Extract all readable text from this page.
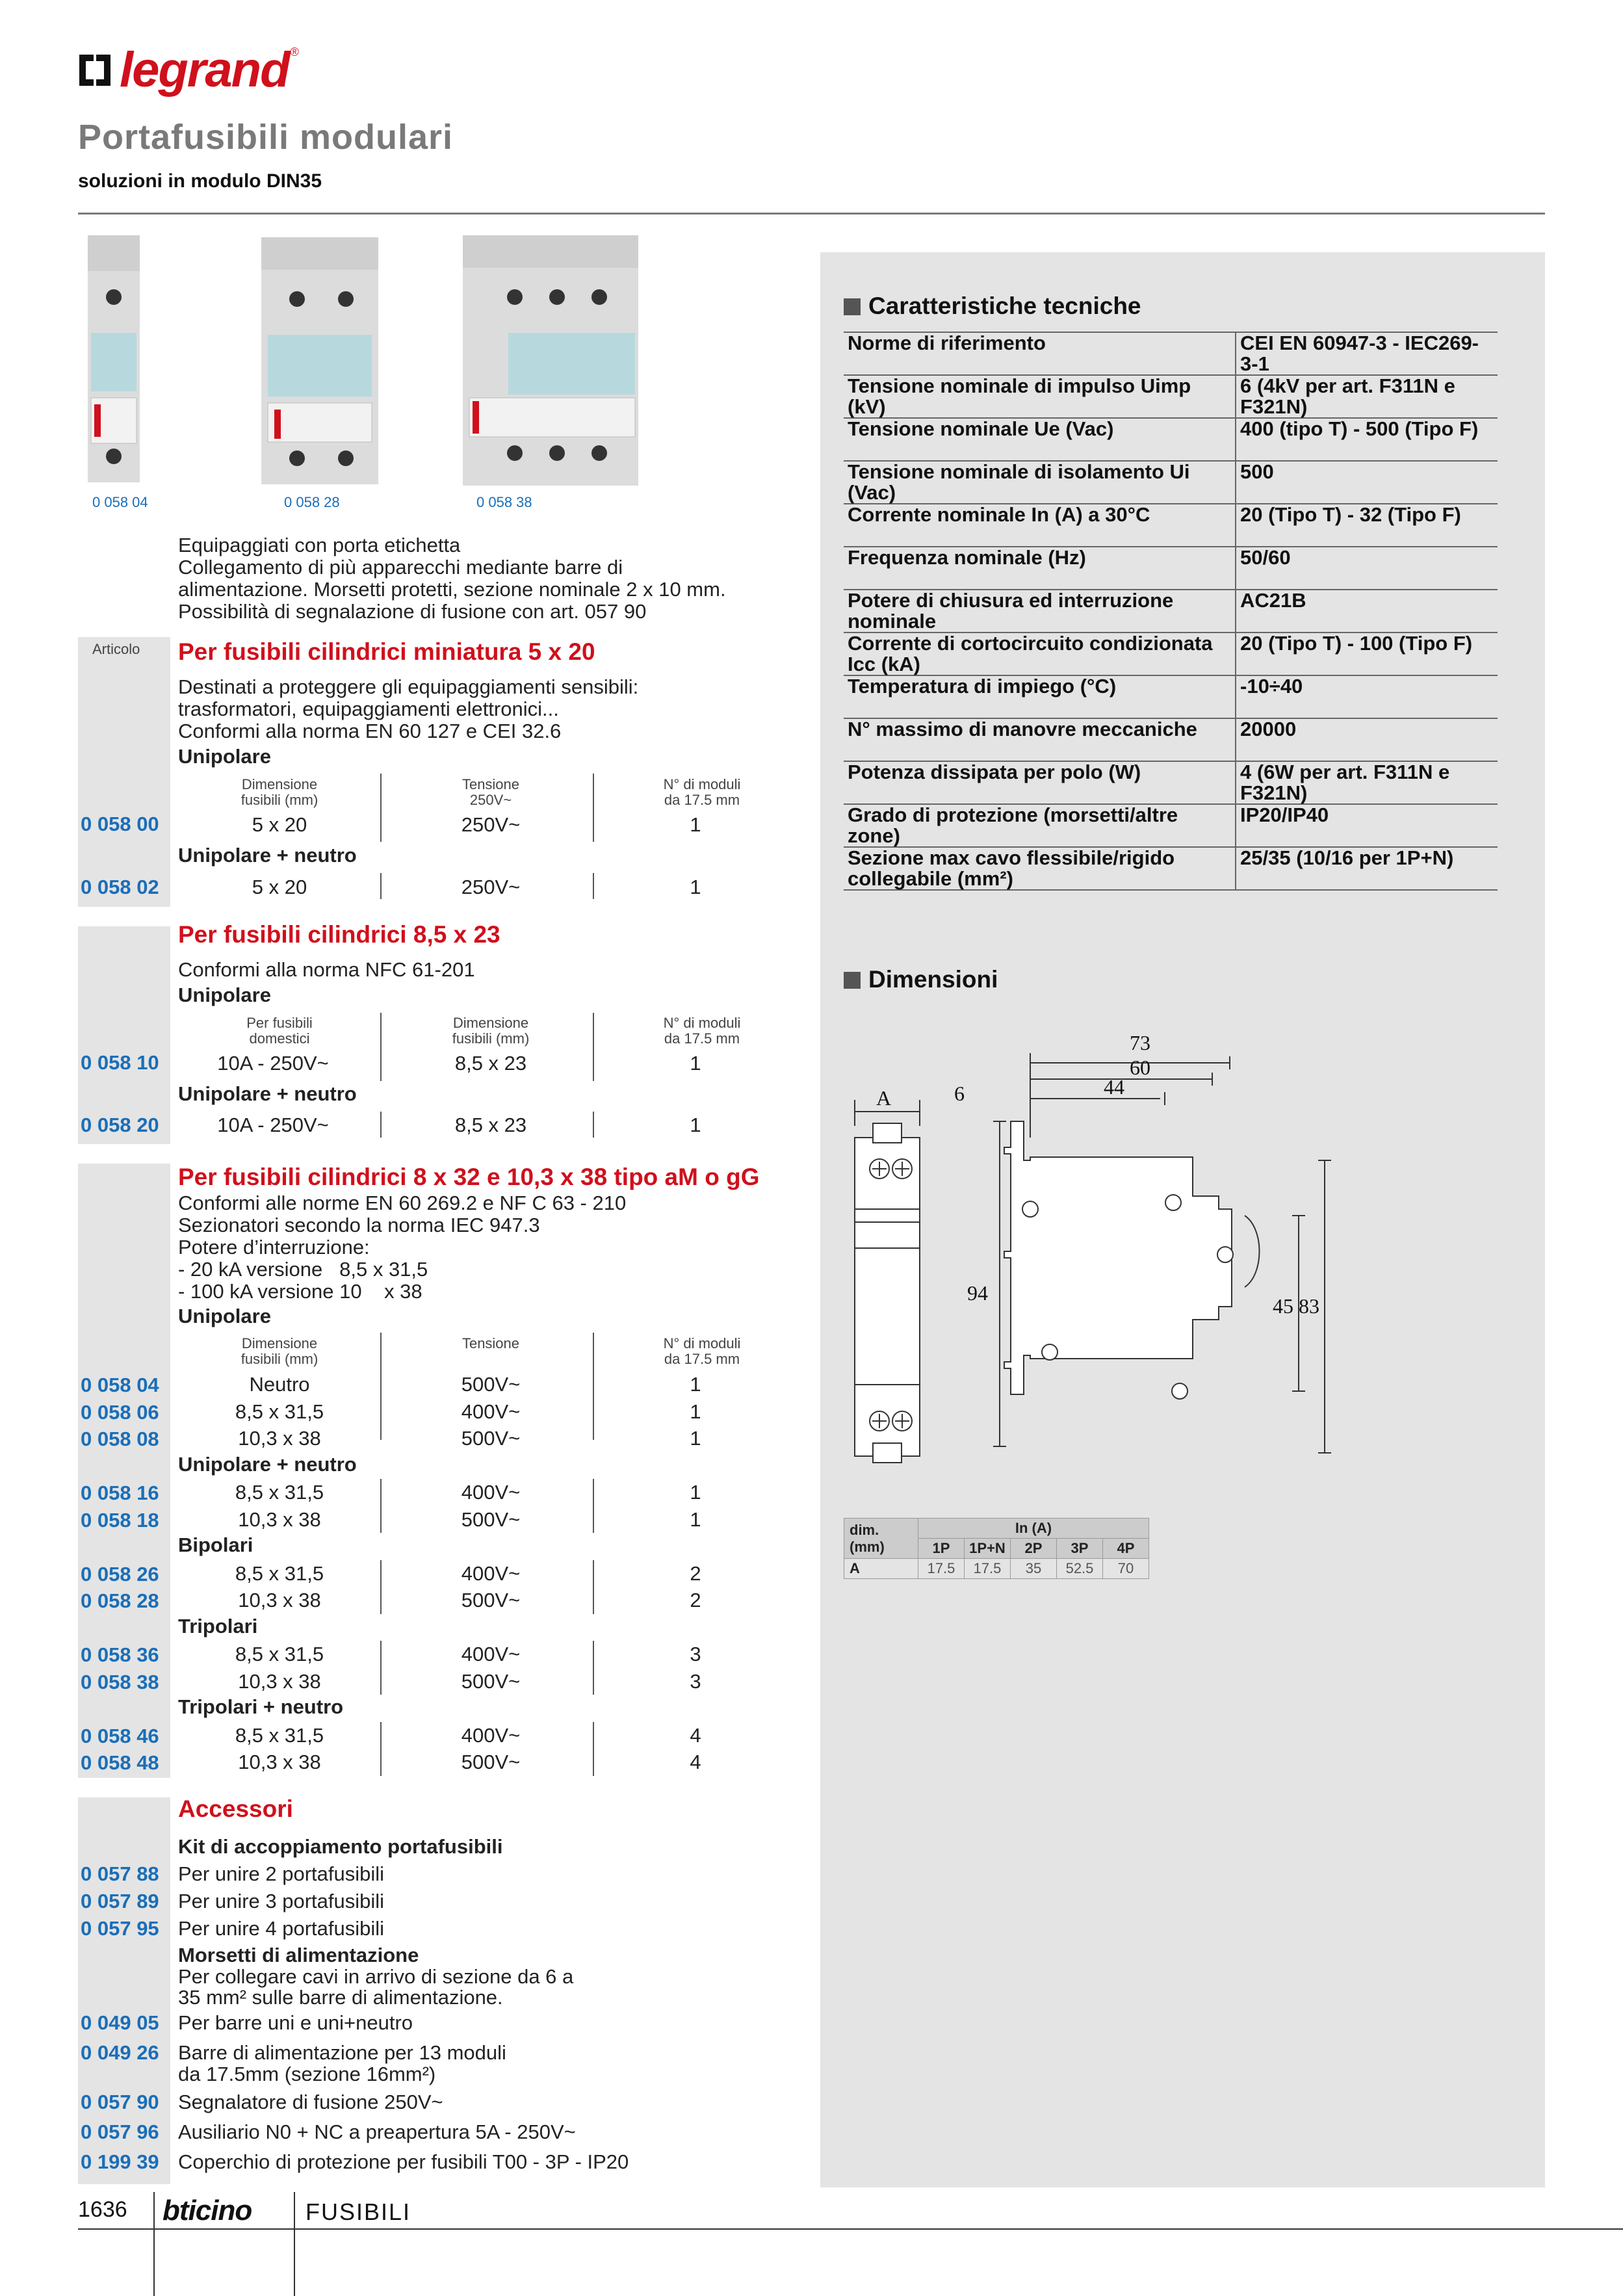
legrand ®
Portafusibili modulari
soluzioni in modulo DIN35
0 058 04	0 058 28	0 058 38
Equipaggiati con porta etichetta
Collegamento di più apparecchi mediante barre di
alimentazione. Morsetti protetti, sezione nominale 2 x 10 mm.
Possibilità di segnalazione di fusione con art. 057 90
Articolo Per fusibili cilindrici miniatura 5 x 20
Destinati a proteggere gli equipaggiamenti sensibili:
trasformatori, equipaggiamenti elettronici...
Conformi alla norma EN 60 127 e CEI 32.6
Unipolare
Dimensione
fusibili (mm)
Tensione
250V~
N° di moduli
da 17.5 mm
0 058 00	5 x 20	250V~	1
Unipolare + neutro
0 058 02	5 x 20	250V~	1
Per fusibili cilindrici 8,5 x 23
Conformi alla norma NFC 61-201
Unipolare
Per fusibili
domestici
Dimensione
fusibili (mm)
N° di moduli
da 17.5 mm
0 058 10	10A - 250V~	8,5 x 23	1
Unipolare + neutro
0 058 20	10A - 250V~	8,5 x 23	1
Per fusibili cilindrici 8 x 32 e 10,3 x 38 tipo aM o gG
Conformi alle norme EN 60 269.2 e NF C 63 - 210
Sezionatori secondo la norma IEC 947.3
Potere d’interruzione:
- 20 kA versione   8,5 x 31,5
- 100 kA versione 10    x 38
Unipolare
Dimensione
fusibili (mm)
Tensione	N° di moduli
da 17.5 mm
0 058 04	Neutro	500V~	1
0 058 06	8,5 x 31,5	400V~	1
0 058 08	10,3 x 38	500V~	1
Unipolare + neutro
0 058 16	8,5 x 31,5	400V~	1
0 058 18	10,3 x 38	500V~	1
Bipolari
0 058 26	8,5 x 31,5	400V~	2
0 058 28	10,3 x 38	500V~	2
Tripolari
0 058 36	8,5 x 31,5	400V~	3
0 058 38	10,3 x 38	500V~	3
Tripolari + neutro
0 058 46	8,5 x 31,5	400V~	4
0 058 48	10,3 x 38	500V~	4
Accessori
Kit di accoppiamento portafusibili
0 057 88 Per unire 2 portafusibili
0 057 89 Per unire 3 portafusibili
0 057 95 Per unire 4 portafusibili
Morsetti di alimentazione
Per collegare cavi in arrivo di sezione da 6 a
35 mm² sulle barre di alimentazione.
0 049 05 Per barre uni e uni+neutro
0 049 26 Barre di alimentazione per 13 moduli
da 17.5mm (sezione 16mm²)
0 057 90 Segnalatore di fusione 250V~
0 057 96 Ausiliario N0 + NC a preapertura 5A - 250V~
0 199 39 Coperchio di protezione per fusibili T00 - 3P - IP20
Caratteristiche tecniche
Norme di riferimento	CEI EN 60947-3 - IEC269-3-1
Tensione nominale di impulso Uimp (kV)	6 (4kV per art. F311N e F321N)
Tensione nominale Ue (Vac)	400 (tipo T) - 500 (Tipo F)
Tensione nominale di isolamento Ui (Vac)	500
Corrente nominale In (A) a 30°C	20 (Tipo T) - 32 (Tipo F)
Frequenza nominale (Hz)	50/60
Potere di chiusura ed interruzione nominale	AC21B
Corrente di cortocircuito condizionata Icc (kA)	20 (Tipo T) - 100 (Tipo F)
Temperatura di impiego (°C)	-10÷40
N° massimo di manovre meccaniche	20000
Potenza dissipata per polo (W)	4 (6W per art. F311N e F321N)
Grado di protezione (morsetti/altre zone)	IP20/IP40
Sezione max cavo flessibile/rigido collegabile (mm²)	25/35 (10/16 per 1P+N)
Dimensioni
A
73
60
44
6
94
45 83
dim.
(mm)	In (A)				
	1P	1P+N	2P	3P	4P
A	17.5	17.5	35	52.5	70
1636 bticino FUSIBILI
